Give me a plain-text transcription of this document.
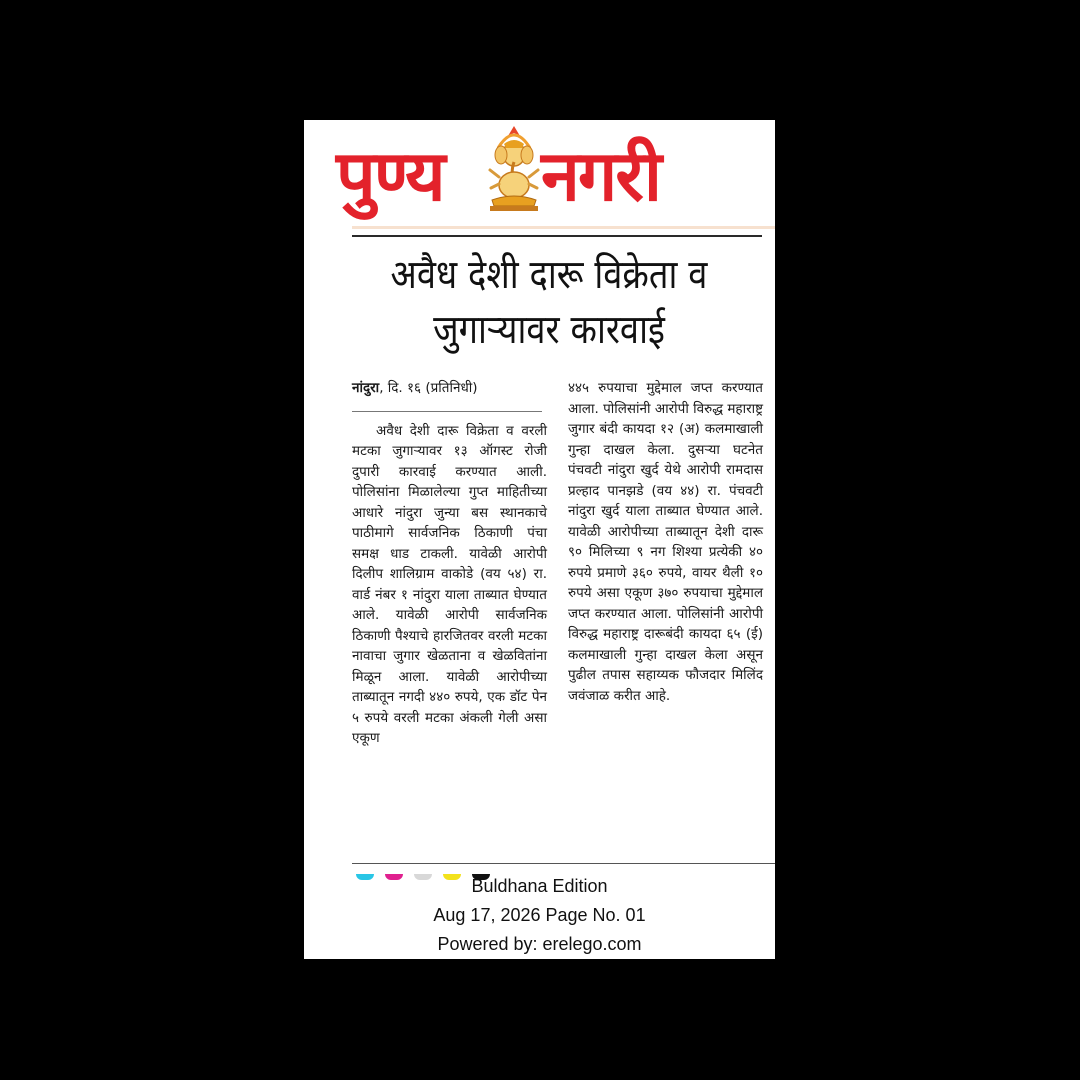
पुण्य नगरी
अवैध देशी दारू विक्रेता व
जुगाऱ्यावर कारवाई
नांदुरा, दि. १६ (प्रतिनिधी)

अवैध देशी दारू विक्रेता व वरली मटका जुगाऱ्यावर १३ ऑगस्ट रोजी दुपारी कारवाई करण्यात आली. पोलिसांना मिळालेल्या गुप्त माहितीच्या आधारे नांदुरा जुन्या बस स्थानकाचे पाठीमागे सार्वजनिक ठिकाणी पंचा समक्ष धाड टाकली. यावेळी आरोपी दिलीप शालिग्राम वाकोडे (वय ५४) रा. वार्ड नंबर १ नांदुरा याला ताब्यात घेण्यात आले. यावेळी आरोपी सार्वजनिक ठिकाणी पैश्याचे हारजितवर वरली मटका नावाचा जुगार खेळताना व खेळवितांना मिळून आला. यावेळी आरोपीच्या ताब्यातून नगदी ४४० रुपये, एक डॉट पेन ५ रुपये वरली मटका अंकली गेली असा एकूण

४४५ रुपयाचा मुद्देमाल जप्त करण्यात आला. पोलिसांनी आरोपी विरुद्ध महाराष्ट्र जुगार बंदी कायदा १२ (अ) कलमाखाली गुन्हा दाखल केला. दुसऱ्या घटनेत पंचवटी नांदुरा खुर्द येथे आरोपी रामदास प्रल्हाद पानझडे (वय ४४) रा. पंचवटी नांदुरा खुर्द याला ताब्यात घेण्यात आले. यावेळी आरोपीच्या ताब्यातून देशी दारू ९० मिलिच्या ९ नग शिश्या प्रत्येकी ४० रुपये प्रमाणे ३६० रुपये, वायर थैली १० रुपये असा एकूण ३७० रुपयाचा मुद्देमाल जप्त करण्यात आला. पोलिसांनी आरोपी विरुद्ध महाराष्ट्र दारूबंदी कायदा ६५ (ई) कलमाखाली गुन्हा दाखल केला असून पुढील तपास सहाय्यक फौजदार मिलिंद जवंजाळ करीत आहे.

Buldhana Edition
Aug 17, 2026 Page No. 01
Powered by: erelego.com
